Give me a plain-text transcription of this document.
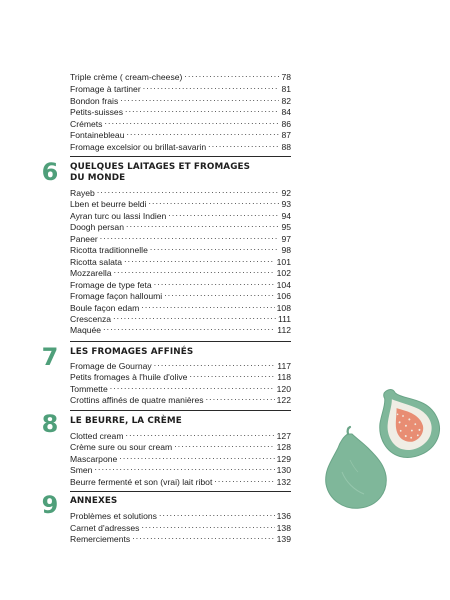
Triple crème ( cream-cheese) . . .	78
Fromage à tartiner . . .	81
Bondon frais . . .	82
Petits-suisses . . .	84
Crémets . . .	86
Fontainebleau . . .	87
Fromage excelsior ou brillat-savarin . . .	88
6	QUELQUES LAITAGES ET FROMAGES
DU MONDE
Rayeb . . .	92
Lben et beurre beldi . . .	93
Ayran turc ou lassi Indien . . .	94
Doogh persan . . .	95
Paneer . . .	97
Ricotta traditionnelle . . .	98
Ricotta salata . . .	101
Mozzarella . . .	102
Fromage de type feta . . .	104
Fromage façon halloumi . . .	106
Boule façon edam . . .	108
Crescenza . . .	111
Maquée . . .	112
7	LES FROMAGES AFFINÉS
Fromage de Gournay . . .	117
Petits fromages à l'huile d'olive . . .	118
Tommette . . .	120
Crottins affinés de quatre manières . . .	122
8	LE BEURRE, LA CRÈME
Clotted cream . . .	127
Crème sure ou sour cream . . .	128
Mascarpone . . .	129
Smen . . .	130
Beurre fermenté et son (vrai) lait ribot . . .	132
9	ANNEXES
Problèmes et solutions . . .	136
Carnet d'adresses . . .	138
Remerciements . . .	139
